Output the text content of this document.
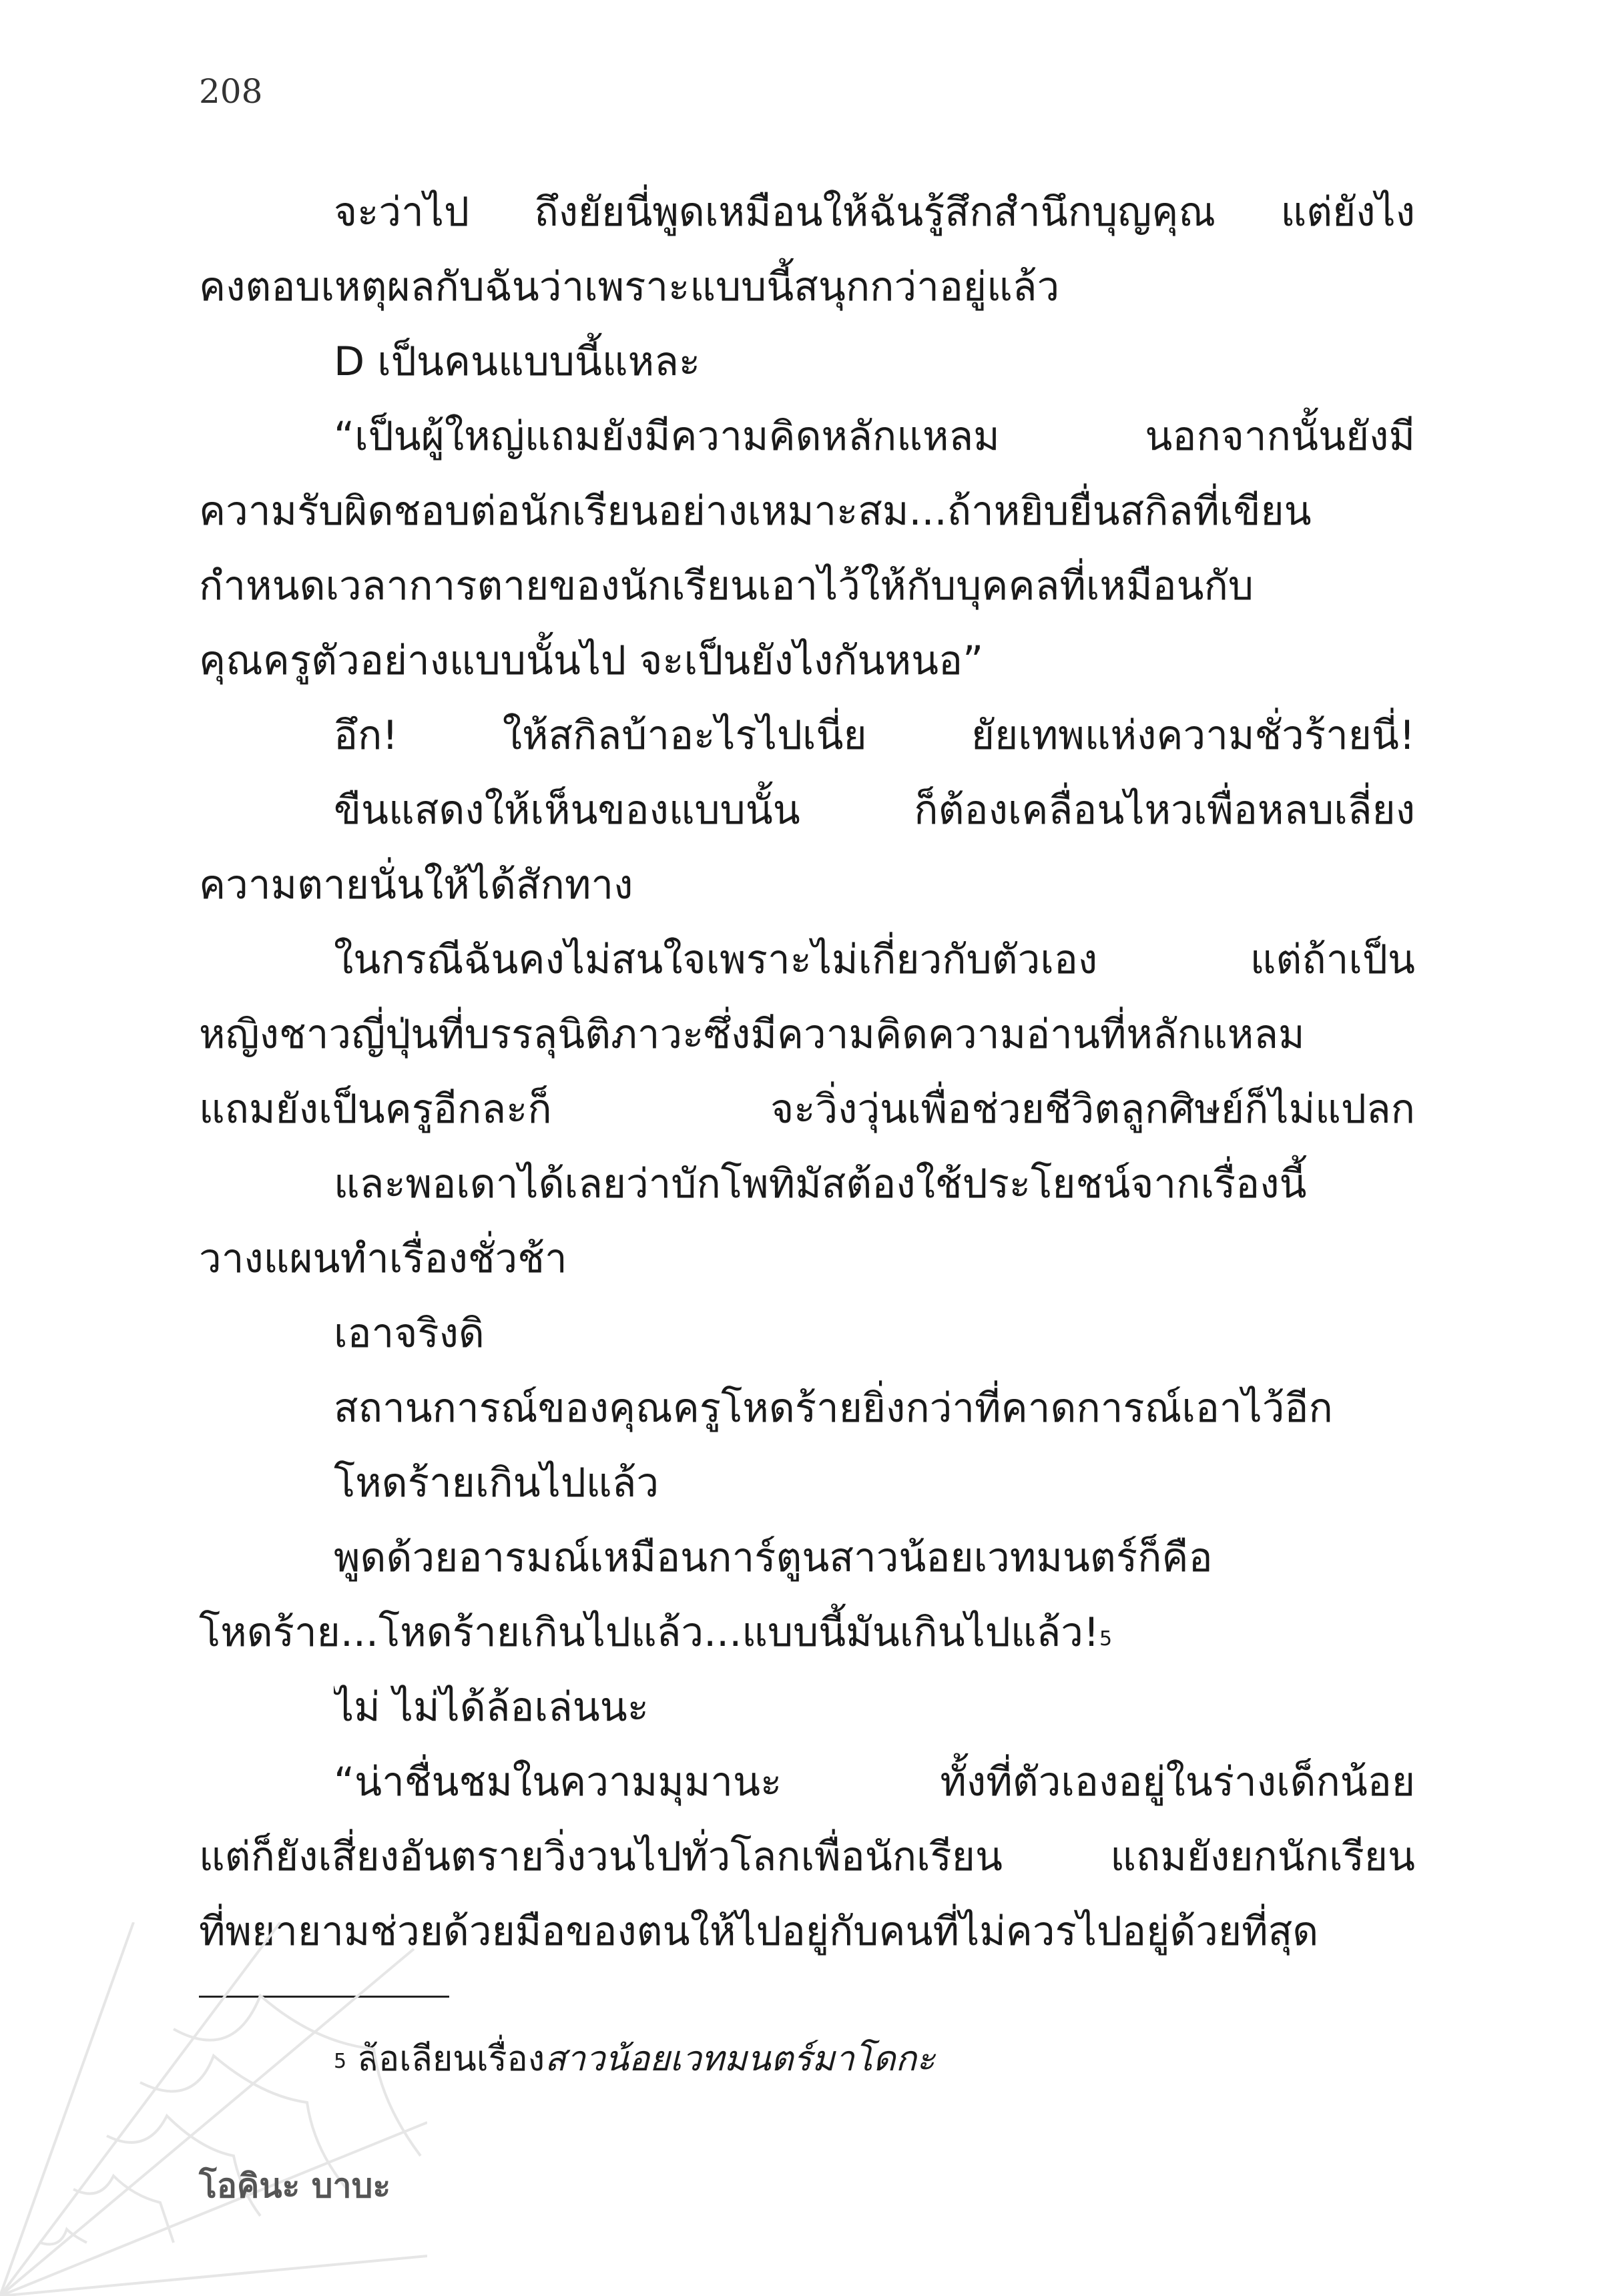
208
จะว่าไป ถึงยัยนี่พูดเหมือนให้ฉันรู้สึกสำนึกบุญคุณ แต่ยังไง
คงตอบเหตุผลกับฉันว่าเพราะแบบนี้สนุกกว่าอยู่แล้ว
D เป็นคนแบบนี้แหละ
“เป็นผู้ใหญ่แถมยังมีความคิดหลักแหลม นอกจากนั้นยังมี
ความรับผิดชอบต่อนักเรียนอย่างเหมาะสม...ถ้าหยิบยื่นสกิลที่เขียน
กำหนดเวลาการตายของนักเรียนเอาไว้ให้กับบุคคลที่เหมือนกับ
คุณครูตัวอย่างแบบนั้นไป จะเป็นยังไงกันหนอ”
อึก! ให้สกิลบ้าอะไรไปเนี่ย ยัยเทพแห่งความชั่วร้ายนี่!
ขืนแสดงให้เห็นของแบบนั้น ก็ต้องเคลื่อนไหวเพื่อหลบเลี่ยง
ความตายนั่นให้ได้สักทาง
ในกรณีฉันคงไม่สนใจเพราะไม่เกี่ยวกับตัวเอง แต่ถ้าเป็น
หญิงชาวญี่ปุ่นที่บรรลุนิติภาวะซึ่งมีความคิดความอ่านที่หลักแหลม
แถมยังเป็นครูอีกละก็ จะวิ่งวุ่นเพื่อช่วยชีวิตลูกศิษย์ก็ไม่แปลก
และพอเดาได้เลยว่าบักโพทิมัสต้องใช้ประโยชน์จากเรื่องนี้
วางแผนทำเรื่องชั่วช้า
เอาจริงดิ
สถานการณ์ของคุณครูโหดร้ายยิ่งกว่าที่คาดการณ์เอาไว้อีก
โหดร้ายเกินไปแล้ว
พูดด้วยอารมณ์เหมือนการ์ตูนสาวน้อยเวทมนตร์ก็คือ
โหดร้าย...โหดร้ายเกินไปแล้ว...แบบนี้มันเกินไปแล้ว!$^5$
ไม่ ไม่ได้ล้อเล่นนะ
“น่าชื่นชมในความมุมานะ ทั้งที่ตัวเองอยู่ในร่างเด็กน้อย
แต่ก็ยังเสี่ยงอันตรายวิ่งวนไปทั่วโลกเพื่อนักเรียน แถมยังยกนักเรียน
ที่พยายามช่วยด้วยมือของตนให้ไปอยู่กับคนที่ไม่ควรไปอยู่ด้วยที่สุด
$^5$ ล้อเลียนเรื่องสาวน้อยเวทมนตร์มาโดกะ
โอคินะ บาบะ
